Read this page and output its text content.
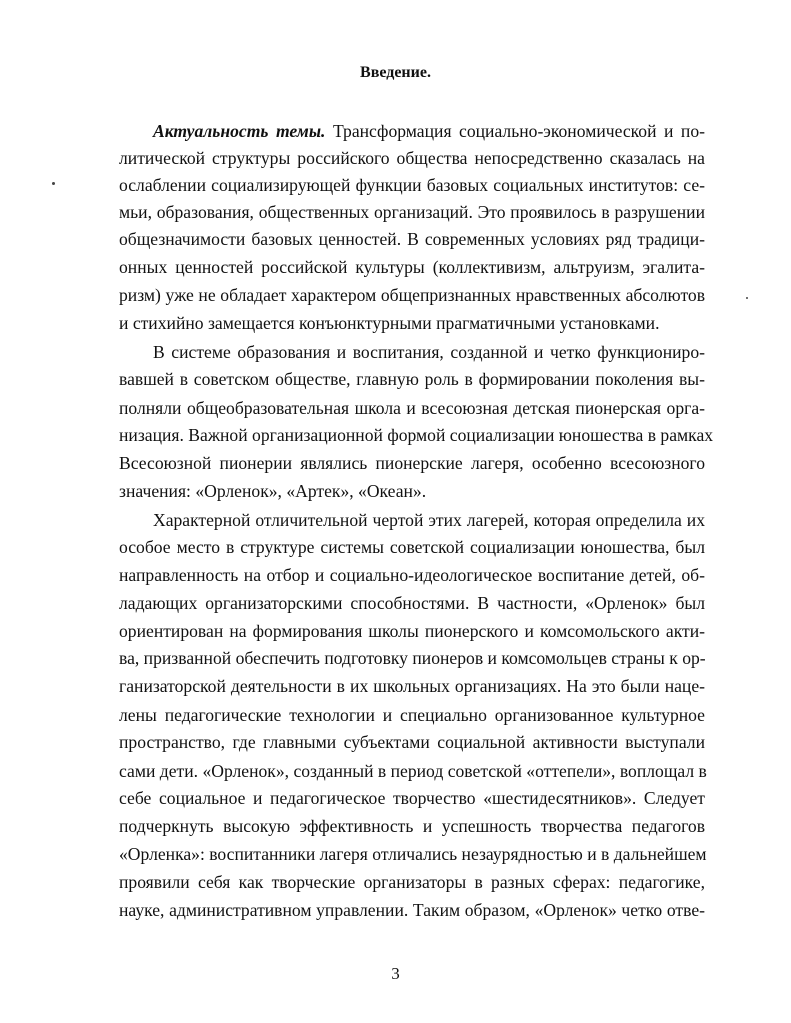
Введение.
Актуальность темы. Трансформация социально-экономической и по-
литической структуры российского общества непосредственно сказалась на
ослаблении социализирующей функции базовых социальных институтов: се-
мьи, образования, общественных организаций. Это проявилось в разрушении
общезначимости базовых ценностей. В современных условиях ряд традици-
онных ценностей российской культуры (коллективизм, альтруизм, эгалита-
ризм) уже не обладает характером общепризнанных нравственных абсолютов
и стихийно замещается конъюнктурными прагматичными установками.
В системе образования и воспитания, созданной и четко функциониро-
вавшей в советском обществе, главную роль в формировании поколения вы-
полняли общеобразовательная школа и всесоюзная детская пионерская орга-
низация. Важной организационной формой социализации юношества в рамках
Всесоюзной пионерии являлись пионерские лагеря, особенно всесоюзного
значения: «Орленок», «Артек», «Океан».
Характерной отличительной чертой этих лагерей, которая определила их
особое место в структуре системы советской социализации юношества, был
направленность на отбор и социально-идеологическое воспитание детей, об-
ладающих организаторскими способностями. В частности, «Орленок» был
ориентирован на формирования школы пионерского и комсомольского акти-
ва, призванной обеспечить подготовку пионеров и комсомольцев страны к ор-
ганизаторской деятельности в их школьных организациях. На это были наце-
лены педагогические технологии и специально организованное культурное
пространство, где главными субъектами социальной активности выступали
сами дети. «Орленок», созданный в период советской «оттепели», воплощал в
себе социальное и педагогическое творчество «шестидесятников». Следует
подчеркнуть высокую эффективность и успешность творчества педагогов
«Орленка»: воспитанники лагеря отличались незаурядностью и в дальнейшем
проявили себя как творческие организаторы в разных сферах: педагогике,
науке, административном управлении. Таким образом, «Орленок» четко отве-
3
